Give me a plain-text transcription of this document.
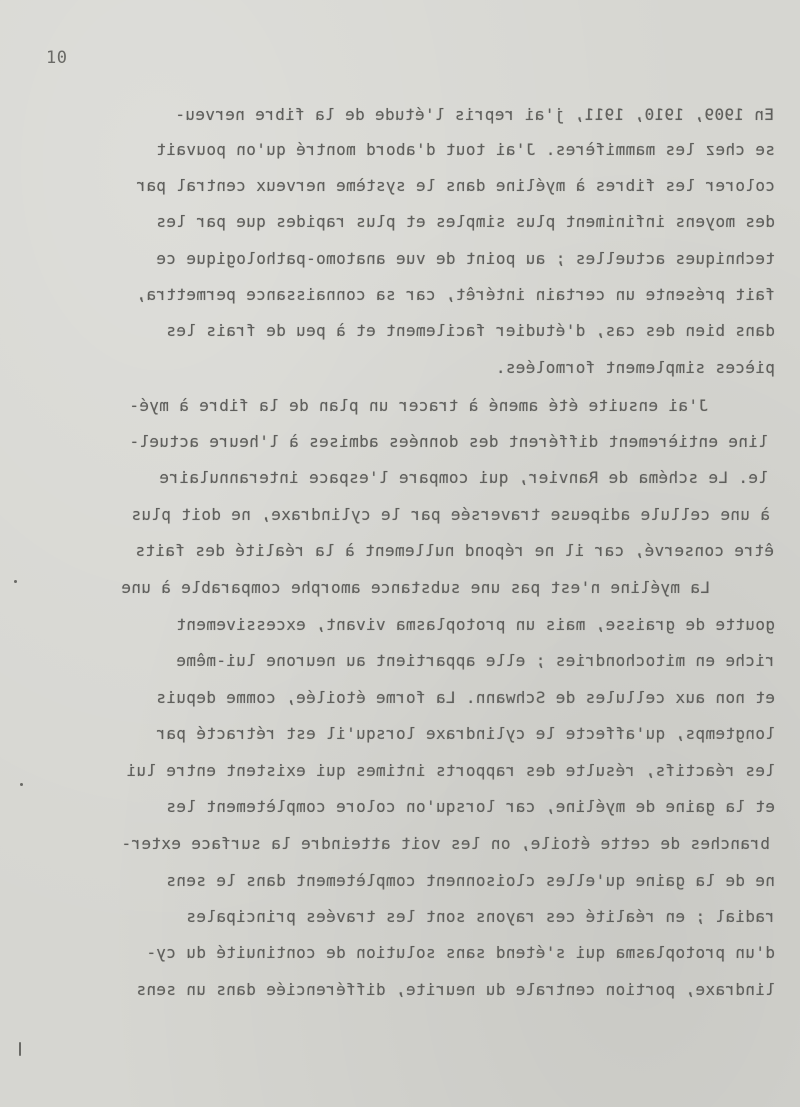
10
En 1909, 1910, 1911, j'ai repris l'étude de la fibre nerveu-
se chez les mammifères. J'ai tout d'abord montré qu'on pouvait
colorer les fibres à myéline dans le système nerveux central par
des moyens infiniment plus simples et plus rapides que par les
techniques actuelles ; au point de vue anatomo-pathologique ce
fait présente un certain intérêt, car sa connaissance permettra,
dans bien des cas, d'étudier facilement et à peu de frais les
pièces simplement formolées.
J'ai ensuite été amené à tracer un plan de la fibre à myé-
line entièrement différent des données admises à l'heure actuel-
le. Le schéma de Ranvier, qui compare l'espace interannulaire
à une cellule adipeuse traversée par le cylindraxe, ne doit plus
être conservé, car il ne répond nullement à la réalité des faits
La myéline n'est pas une substance amorphe comparable à une
goutte de graisse, mais un protoplasma vivant, excessivement
riche en mitochondries ; elle appartient au neurone lui-même
et non aux cellules de Schwann. La forme étoilée, comme depuis
longtemps, qu'affecte le cylindraxe lorsqu'il est rétracté par
les réactifs, résulte des rapports intimes qui existent entre lui
et la gaine de myéline, car lorsqu'on colore complètement les
branches de cette étoile, on les voit atteindre la surface exter-
ne de la gaine qu'elles cloisonnent complètement dans le sens
radial ; en réalité ces rayons sont les travées principales
d'un protoplasma qui s'étend sans solution de continuité du cy-
lindraxe, portion centrale du neurite, différenciée dans un sens
